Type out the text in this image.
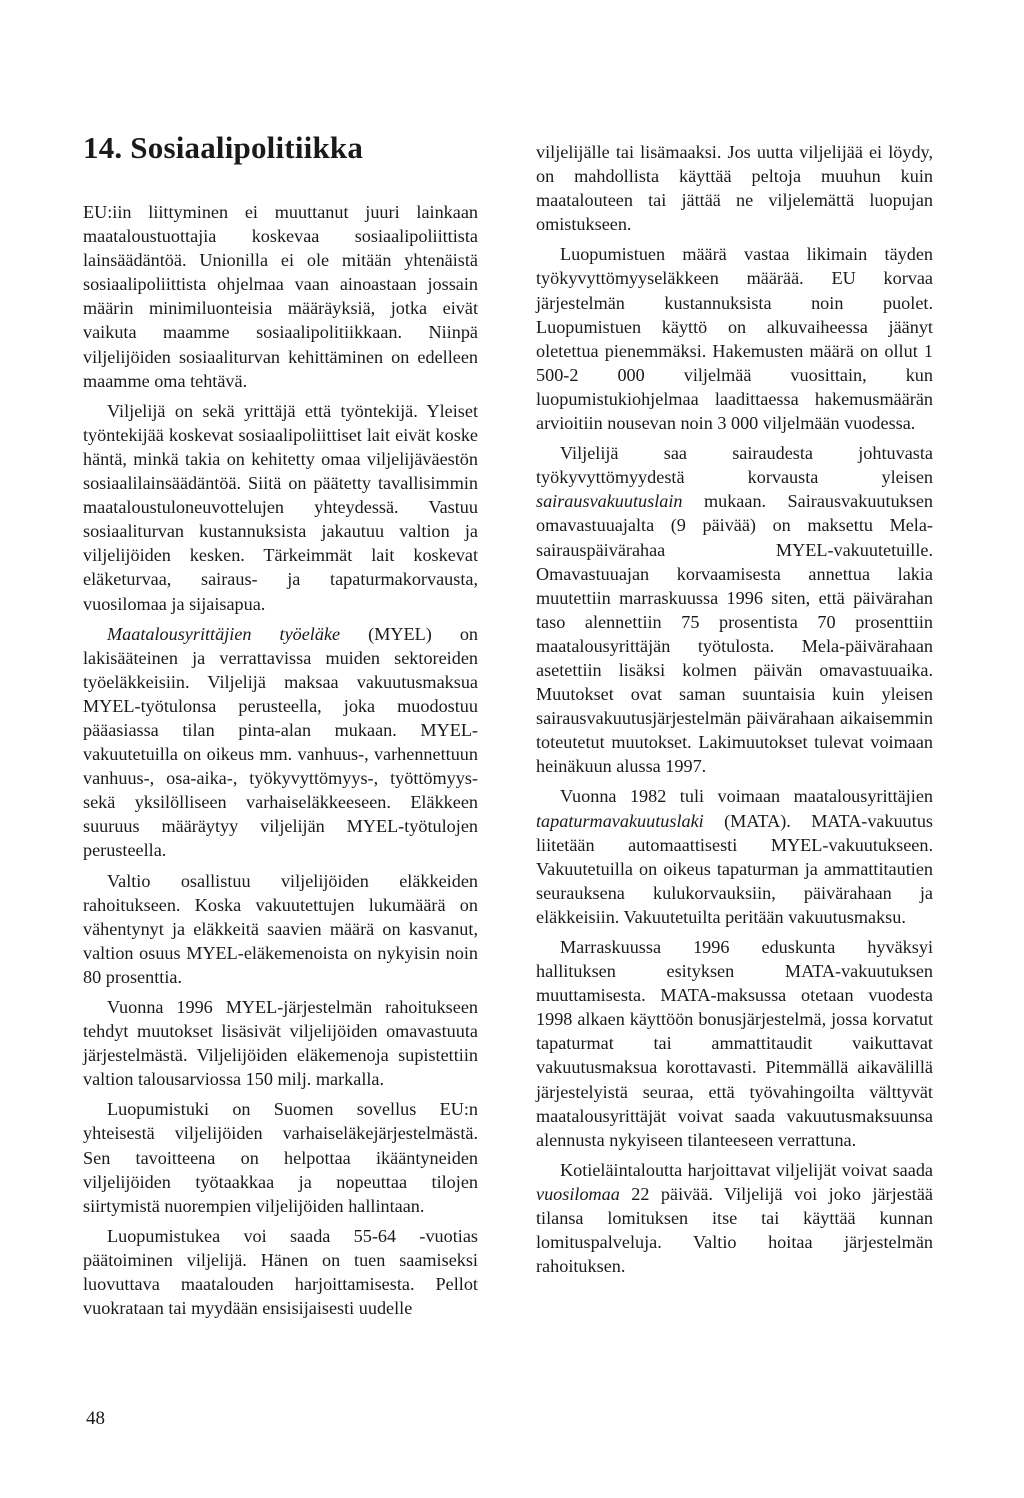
14. Sosiaalipolitiikka

EU:iin liittyminen ei muuttanut juuri lainkaan maataloustuottajia koskevaa sosiaalipoliittista lainsäädäntöä. Unionilla ei ole mitään yhtenäistä sosiaalipoliittista ohjelmaa vaan ainoastaan jossain määrin minimiluonteisia määräyksiä, jotka eivät vaikuta maamme sosiaalipolitiikkaan. Niinpä viljelijöiden sosiaaliturvan kehittäminen on edelleen maamme oma tehtävä.

Viljelijä on sekä yrittäjä että työntekijä. Yleiset työntekijää koskevat sosiaalipoliittiset lait eivät koske häntä, minkä takia on kehitetty omaa viljelijäväestön sosiaalilainsäädäntöä. Siitä on päätetty tavallisimmin maataloustuloneuvottelujen yhteydessä. Vastuu sosiaaliturvan kustannuksista jakautuu valtion ja viljelijöiden kesken. Tärkeimmät lait koskevat eläketurvaa, sairaus- ja tapaturmakorvausta, vuosilomaa ja sijaisapua.

Maatalousyrittäjien työeläke (MYEL) on lakisääteinen ja verrattavissa muiden sektoreiden työeläkkeisiin. Viljelijä maksaa vakuutusmaksua MYEL-työtulonsa perusteella, joka muodostuu pääasiassa tilan pinta-alan mukaan. MYEL-vakuutetuilla on oikeus mm. vanhuus-, varhennettuun vanhuus-, osa-aika-, työkyvyttömyys-, työttömyys- sekä yksilölliseen varhaiseläkkeeseen. Eläkkeen suuruus määräytyy viljelijän MYEL-työtulojen perusteella.

Valtio osallistuu viljelijöiden eläkkeiden rahoitukseen. Koska vakuutettujen lukumäärä on vähentynyt ja eläkkeitä saavien määrä on kasvanut, valtion osuus MYEL-eläkemenoista on nykyisin noin 80 prosenttia.

Vuonna 1996 MYEL-järjestelmän rahoitukseen tehdyt muutokset lisäsivät viljelijöiden omavastuuta järjestelmästä. Viljelijöiden eläkemenoja supistettiin valtion talousarviossa 150 milj. markalla.

Luopumistuki on Suomen sovellus EU:n yhteisestä viljelijöiden varhaiseläkejärjestelmästä. Sen tavoitteena on helpottaa ikääntyneiden viljelijöiden työtaakkaa ja nopeuttaa tilojen siirtymistä nuorempien viljelijöiden hallintaan.

Luopumistukea voi saada 55-64 -vuotias päätoiminen viljelijä. Hänen on tuen saamiseksi luovuttava maatalouden harjoittamisesta. Pellot vuokrataan tai myydään ensisijaisesti uudelle

viljelijälle tai lisämaaksi. Jos uutta viljelijää ei löydy, on mahdollista käyttää peltoja muuhun kuin maatalouteen tai jättää ne viljelemättä luopujan omistukseen.

Luopumistuen määrä vastaa likimain täyden työkyvyttömyyseläkkeen määrää. EU korvaa järjestelmän kustannuksista noin puolet. Luopumistuen käyttö on alkuvaiheessa jäänyt oletettua pienemmäksi. Hakemusten määrä on ollut 1 500-2 000 viljelmää vuosittain, kun luopumistukiohjelmaa laadittaessa hakemusmäärän arvioitiin nousevan noin 3 000 viljelmään vuodessa.

Viljelijä saa sairaudesta johtuvasta työkyvyttömyydestä korvausta yleisen sairausvakuutuslain mukaan. Sairausvakuutuksen omavastuuajalta (9 päivää) on maksettu Mela-sairauspäivärahaa MYEL-vakuutetuille. Omavastuuajan korvaamisesta annettua lakia muutettiin marraskuussa 1996 siten, että päivärahan taso alennettiin 75 prosentista 70 prosenttiin maatalousyrittäjän työtulosta. Mela-päivärahaan asetettiin lisäksi kolmen päivän omavastuuaika. Muutokset ovat saman suuntaisia kuin yleisen sairausvakuutusjärjestelmän päivärahaan aikaisemmin toteutetut muutokset. Lakimuutokset tulevat voimaan heinäkuun alussa 1997.

Vuonna 1982 tuli voimaan maatalousyrittäjien tapaturmavakuutuslaki (MATA). MATA-vakuutus liitetään automaattisesti MYEL-vakuutukseen. Vakuutetuilla on oikeus tapaturman ja ammattitautien seurauksena kulukorvauksiin, päivärahaan ja eläkkeisiin. Vakuutetuilta peritään vakuutusmaksu.

Marraskuussa 1996 eduskunta hyväksyi hallituksen esityksen MATA-vakuutuksen muuttamisesta. MATA-maksussa otetaan vuodesta 1998 alkaen käyttöön bonusjärjestelmä, jossa korvatut tapaturmat tai ammattitaudit vaikuttavat vakuutusmaksua korottavasti. Pitemmällä aikavälillä järjestelyistä seuraa, että työvahingoilta välttyvät maatalousyrittäjät voivat saada vakuutusmaksuunsa alennusta nykyiseen tilanteeseen verrattuna.

Kotieläintaloutta harjoittavat viljelijät voivat saada vuosilomaa 22 päivää. Viljelijä voi joko järjestää tilansa lomituksen itse tai käyttää kunnan lomituspalveluja. Valtio hoitaa järjestelmän rahoituksen.

48
